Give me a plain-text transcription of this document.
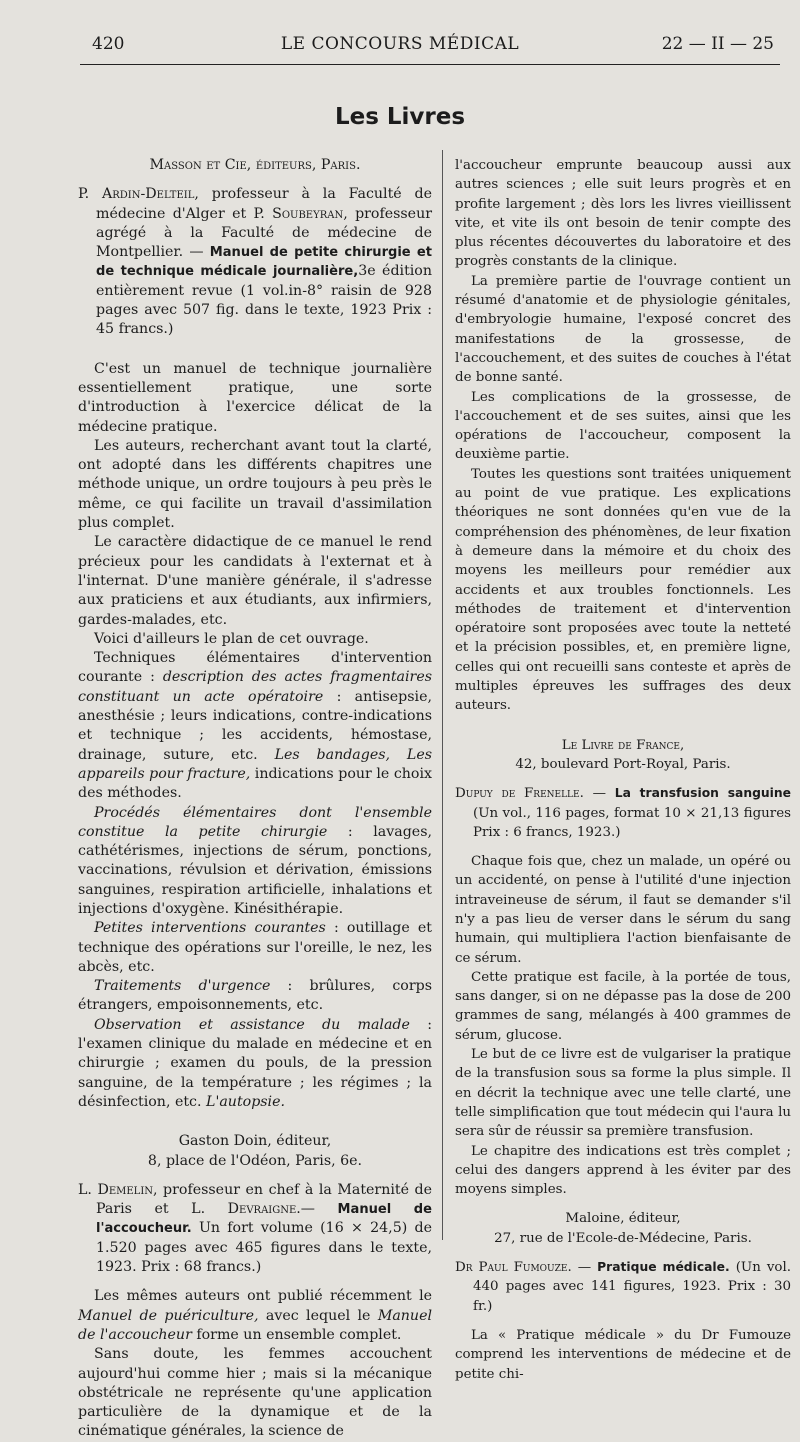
420	LE CONCOURS MÉDICAL	22 — II — 25
Les Livres

Masson et Cie, éditeurs, Paris.

P. Ardin-Delteil, professeur à la Faculté de médecine d'Alger et P. Soubeyran, professeur agrégé à la Faculté de médecine de Montpellier. — Manuel de petite chirurgie et de technique médicale journalière,3e édition entièrement revue (1 vol.in-8° raisin de 928 pages avec 507 fig. dans le texte, 1923 Prix : 45 francs.)

C'est un manuel de technique journalière essentiellement pratique, une sorte d'introduction à l'exercice délicat de la médecine pratique.

Les auteurs, recherchant avant tout la clarté, ont adopté dans les différents chapitres une méthode unique, un ordre toujours à peu près le même, ce qui facilite un travail d'assimilation plus complet.

Le caractère didactique de ce manuel le rend précieux pour les candidats à l'externat et à l'internat. D'une manière générale, il s'adresse aux praticiens et aux étudiants, aux infirmiers, gardes-malades, etc.

Voici d'ailleurs le plan de cet ouvrage.

Techniques élémentaires d'intervention courante : description des actes fragmentaires constituant un acte opératoire : antisepsie, anesthésie ; leurs indications, contre-indications et technique ; les accidents, hémostase, drainage, suture, etc. Les bandages, Les appareils pour fracture, indications pour le choix des méthodes.

Procédés élémentaires dont l'ensemble constitue la petite chirurgie : lavages, cathétérismes, injections de sérum, ponctions, vaccinations, révulsion et dérivation, émissions sanguines, respiration artificielle, inhalations et injections d'oxygène. Kinésithérapie.

Petites interventions courantes : outillage et technique des opérations sur l'oreille, le nez, les abcès, etc.

Traitements d'urgence : brûlures, corps étrangers, empoisonnements, etc.

Observation et assistance du malade : l'examen clinique du malade en médecine et en chirurgie ; examen du pouls, de la pression sanguine, de la température ; les régimes ; la désinfection, etc. L'autopsie.

Gaston Doin, éditeur,

8, place de l'Odéon, Paris, 6e.

L. Demelin, professeur en chef à la Maternité de Paris et L. Devraigne.— Manuel de l'accoucheur. Un fort volume (16 × 24,5) de 1.520 pages avec 465 figures dans le texte, 1923. Prix : 68 francs.)

Les mêmes auteurs ont publié récemment le Manuel de puériculture, avec lequel le Manuel de l'accoucheur forme un ensemble complet.

Sans doute, les femmes accouchent aujourd'hui comme hier ; mais si la mécanique obstétricale ne représente qu'une application particulière de la dynamique et de la cinématique générales, la science de

l'accoucheur emprunte beaucoup aussi aux autres sciences ; elle suit leurs progrès et en profite largement ; dès lors les livres vieillissent vite, et vite ils ont besoin de tenir compte des plus récentes découvertes du laboratoire et des progrès constants de la clinique.

La première partie de l'ouvrage contient un résumé d'anatomie et de physiologie génitales, d'embryologie humaine, l'exposé concret des manifestations de la grossesse, de l'accouchement, et des suites de couches à l'état de bonne santé.

Les complications de la grossesse, de l'accouchement et de ses suites, ainsi que les opérations de l'accoucheur, composent la deuxième partie.

Toutes les questions sont traitées uniquement au point de vue pratique. Les explications théoriques ne sont données qu'en vue de la compréhension des phénomènes, de leur fixation à demeure dans la mémoire et du choix des moyens les meilleurs pour remédier aux accidents et aux troubles fonctionnels. Les méthodes de traitement et d'intervention opératoire sont proposées avec toute la netteté et la précision possibles, et, en première ligne, celles qui ont recueilli sans conteste et après de multiples épreuves les suffrages des deux auteurs.

Le Livre de France,

42, boulevard Port-Royal, Paris.

Dupuy de Frenelle. — La transfusion sanguine (Un vol., 116 pages, format 10 × 21,13 figures Prix : 6 francs, 1923.)

Chaque fois que, chez un malade, un opéré ou un accidenté, on pense à l'utilité d'une injection intraveineuse de sérum, il faut se demander s'il n'y a pas lieu de verser dans le sérum du sang humain, qui multipliera l'action bienfaisante de ce sérum.

Cette pratique est facile, à la portée de tous, sans danger, si on ne dépasse pas la dose de 200 grammes de sang, mélangés à 400 grammes de sérum, glucose.

Le but de ce livre est de vulgariser la pratique de la transfusion sous sa forme la plus simple. Il en décrit la technique avec une telle clarté, une telle simplification que tout médecin qui l'aura lu sera sûr de réussir sa première transfusion.

Le chapitre des indications est très complet ; celui des dangers apprend à les éviter par des moyens simples.

Maloine, éditeur,

27, rue de l'Ecole-de-Médecine, Paris.

Dr Paul Fumouze. — Pratique médicale. (Un vol. 440 pages avec 141 figures, 1923. Prix : 30 fr.)

La « Pratique médicale » du Dr Fumouze comprend les interventions de médecine et de petite chi-
